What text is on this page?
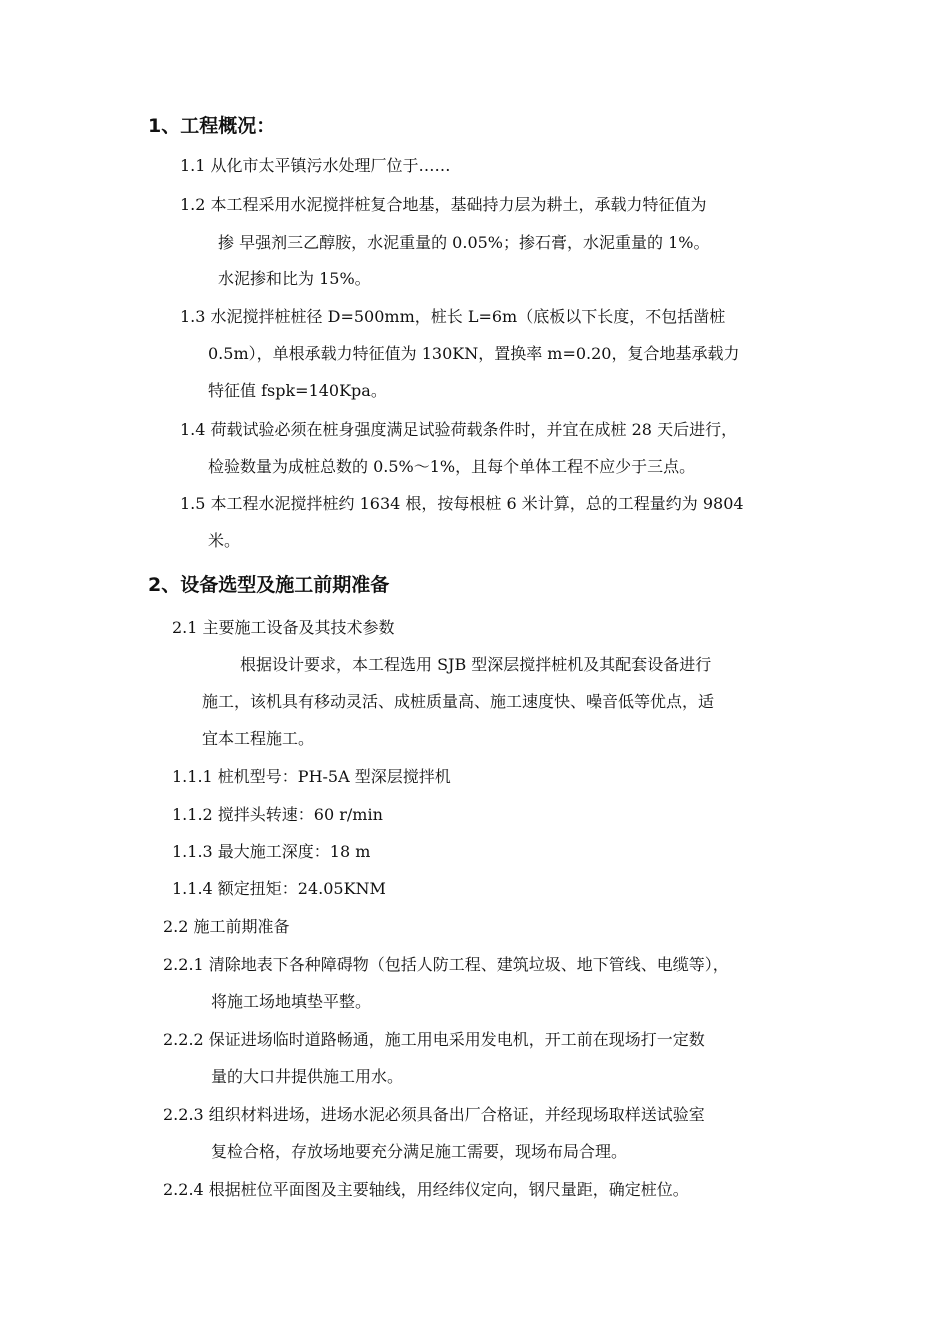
1、工程概况：
1.1 从化市太平镇污水处理厂位于……
1.2 本工程采用水泥搅拌桩复合地基，基础持力层为耕土，承载力特征值为
掺 早强剂三乙醇胺，水泥重量的 0.05%；掺石膏，水泥重量的 1%。
水泥掺和比为 15%。
1.3 水泥搅拌桩桩径 D=500mm，桩长 L=6m（底板以下长度，不包括凿桩
0.5m），单根承载力特征值为 130KN，置换率 m=0.20，复合地基承载力
特征值 fspk=140Kpa。
1.4 荷载试验必须在桩身强度满足试验荷载条件时，并宜在成桩 28 天后进行，
检验数量为成桩总数的 0.5%～1%，且每个单体工程不应少于三点。
1.5 本工程水泥搅拌桩约 1634 根，按每根桩 6 米计算，总的工程量约为 9804
米。
2、设备选型及施工前期准备
2.1 主要施工设备及其技术参数
根据设计要求，本工程选用 SJB 型深层搅拌桩机及其配套设备进行
施工，该机具有移动灵活、成桩质量高、施工速度快、噪音低等优点，适
宜本工程施工。
1.1.1 桩机型号：PH-5A 型深层搅拌机
1.1.2 搅拌头转速：60 r/min
1.1.3 最大施工深度：18 m
1.1.4 额定扭矩：24.05KNM
2.2 施工前期准备
2.2.1 清除地表下各种障碍物（包括人防工程、建筑垃圾、地下管线、电缆等），
将施工场地填垫平整。
2.2.2 保证进场临时道路畅通，施工用电采用发电机，开工前在现场打一定数
量的大口井提供施工用水。
2.2.3 组织材料进场，进场水泥必须具备出厂合格证，并经现场取样送试验室
复检合格，存放场地要充分满足施工需要，现场布局合理。
2.2.4 根据桩位平面图及主要轴线，用经纬仪定向，钢尺量距，确定桩位。
